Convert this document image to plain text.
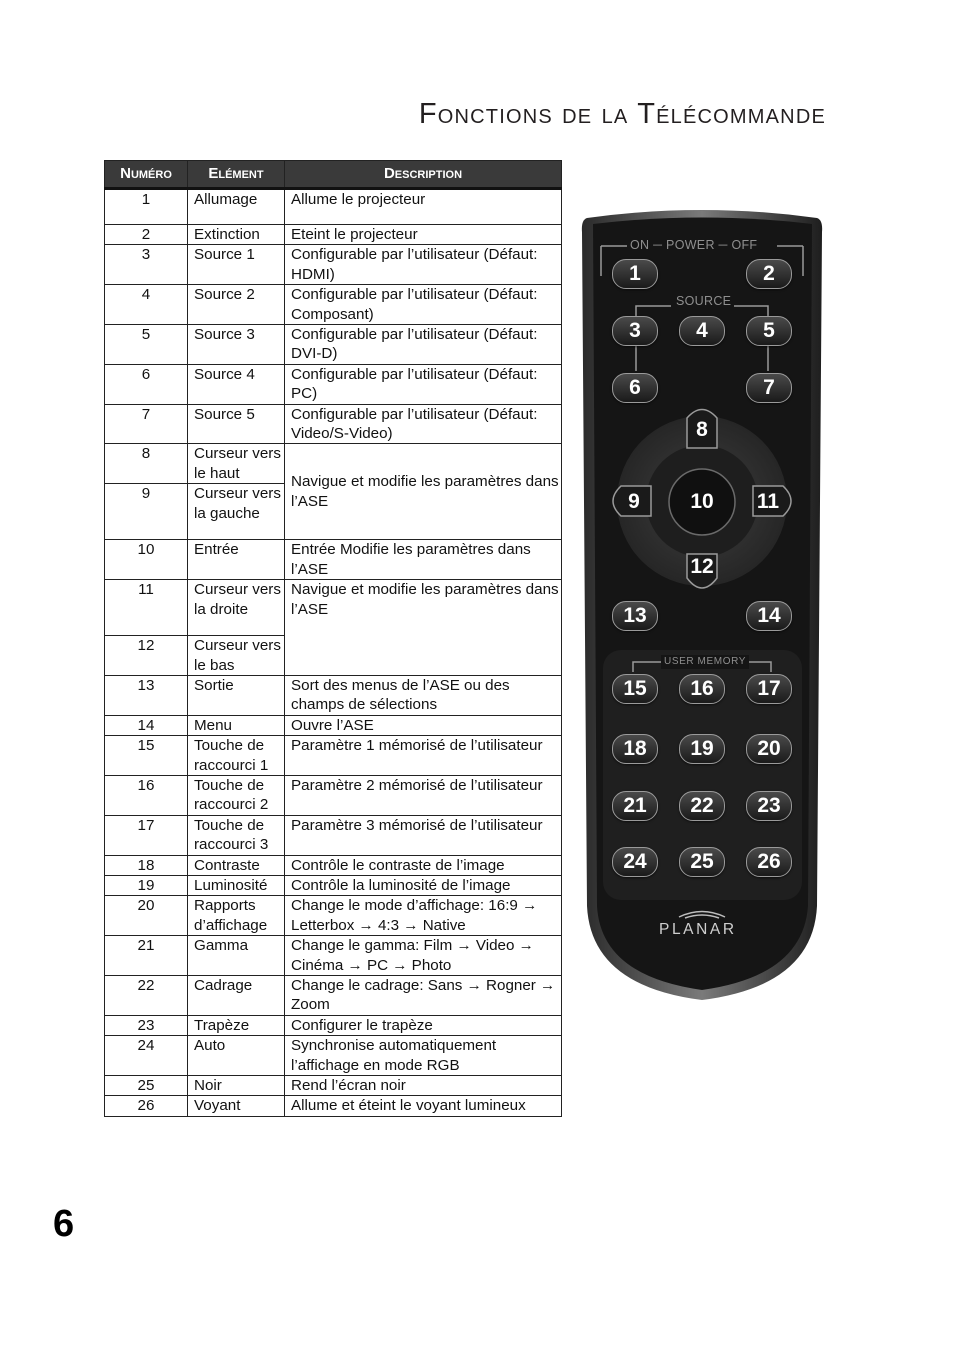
Fonctions de la Télécommande
Numéro	Elément	Description
1	Allumage	Allume le projecteur
2	Extinction	Eteint le projecteur
3	Source 1	Configurable par l’utilisateur (Défaut: HDMI)
4	Source 2	Configurable par l’utilisateur (Défaut: Composant)
5	Source 3	Configurable par l’utilisateur (Défaut: DVI-D)
6	Source 4	Configurable par l’utilisateur (Défaut: PC)
7	Source 5	Configurable par l’utilisateur (Défaut: Video/S-Video)
8	Curseur vers le haut	Navigue et modifie les paramètres dans l’ASE
9	Curseur vers la gauche	
10	Entrée	Entrée Modifie les paramètres dans l’ASE
11	Curseur vers la droite	Navigue et modifie les paramètres dans l’ASE
12	Curseur vers le bas	
13	Sortie	Sort des menus de l’ASE ou des champs de sélections
14	Menu	Ouvre l’ASE
15	Touche de raccourci 1	Paramètre 1 mémorisé de l’utilisateur
16	Touche de raccourci 2	Paramètre 2 mémorisé de l’utilisateur
17	Touche de raccourci 3	Paramètre 3 mémorisé de l’utilisateur
18	Contraste	Contrôle le contraste de l’image
19	Luminosité	Contrôle la luminosité de l’image
20	Rapports d’affichage	Change le mode d’affichage: 16:9 → Letterbox → 4:3 → Native
21	Gamma	Change le gamma: Film → Video → Cinéma → PC → Photo
22	Cadrage	Change le cadrage: Sans → Rogner → Zoom
23	Trapèze	Configurer le trapèze
24	Auto	Synchronise automatiquement l’affichage en mode RGB
25	Noir	Rend l’écran noir
26	Voyant	Allume et éteint le voyant lumineux
ON ─ POWER ─ OFF
SOURCE
USER MEMORY
PLANAR
1	2
3	4	5
6	7
8
9	10	11
12
13	14
15	16	17
18	19	20
21	22	23
24	25	26
6
